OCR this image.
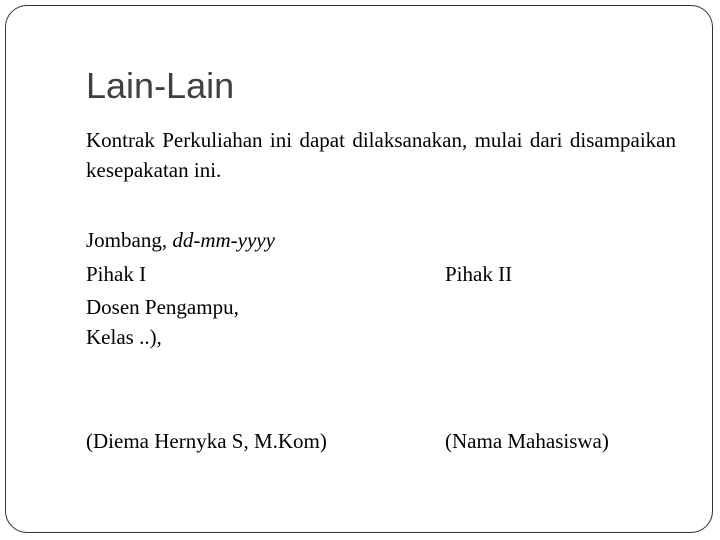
Lain-Lain
Kontrak Perkuliahan ini dapat dilaksanakan, mulai dari disampaikan kesepakatan ini.
Jombang, dd-mm-yyyy
Pihak I	Pihak II
Dosen Pengampu,
Kelas ..),
(Diema Hernyka S, M.Kom)	(Nama Mahasiswa)
